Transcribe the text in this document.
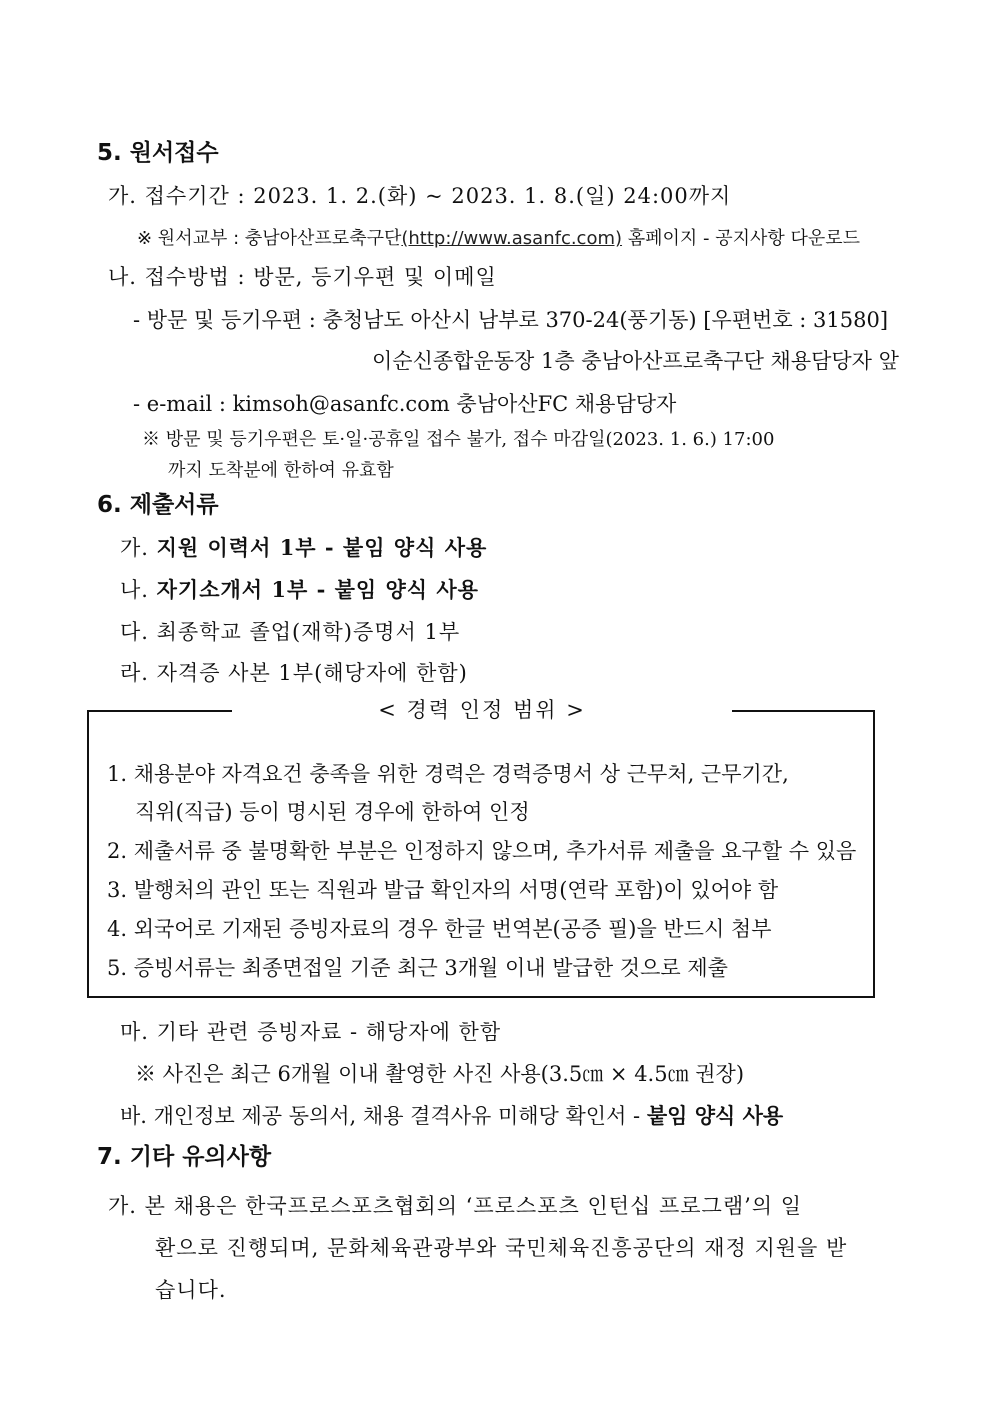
5. 원서접수
가. 접수기간 : 2023. 1. 2.(화) ~ 2023. 1. 8.(일) 24:00까지
※ 원서교부 : 충남아산프로축구단(http://www.asanfc.com) 홈페이지 - 공지사항 다운로드
나. 접수방법 : 방문, 등기우편 및 이메일
- 방문 및 등기우편 : 충청남도 아산시 남부로 370-24(풍기동) [우편번호 : 31580]
이순신종합운동장 1층 충남아산프로축구단 채용담당자 앞
- e-mail : kimsoh@asanfc.com 충남아산FC 채용담당자
※ 방문 및 등기우편은 토·일·공휴일 접수 불가, 접수 마감일(2023. 1. 6.) 17:00
까지 도착분에 한하여 유효함
6. 제출서류
가. 지원 이력서 1부 - 붙임 양식 사용
나. 자기소개서 1부 - 붙임 양식 사용
다. 최종학교 졸업(재학)증명서 1부
라. 자격증 사본 1부(해당자에 한함)
< 경력 인정 범위 >
1. 채용분야 자격요건 충족을 위한 경력은 경력증명서 상 근무처, 근무기간,
직위(직급) 등이 명시된 경우에 한하여 인정
2. 제출서류 중 불명확한 부분은 인정하지 않으며, 추가서류 제출을 요구할 수 있음
3. 발행처의 관인 또는 직원과 발급 확인자의 서명(연락 포함)이 있어야 함
4. 외국어로 기재된 증빙자료의 경우 한글 번역본(공증 필)을 반드시 첨부
5. 증빙서류는 최종면접일 기준 최근 3개월 이내 발급한 것으로 제출
마. 기타 관련 증빙자료 - 해당자에 한함
※ 사진은 최근 6개월 이내 촬영한 사진 사용(3.5㎝ × 4.5㎝ 권장)
바. 개인정보 제공 동의서, 채용 결격사유 미해당 확인서 - 붙임 양식 사용
7. 기타 유의사항
가. 본 채용은 한국프로스포츠협회의 ‘프로스포츠 인턴십 프로그램’의 일
환으로 진행되며, 문화체육관광부와 국민체육진흥공단의 재정 지원을 받
습니다.
